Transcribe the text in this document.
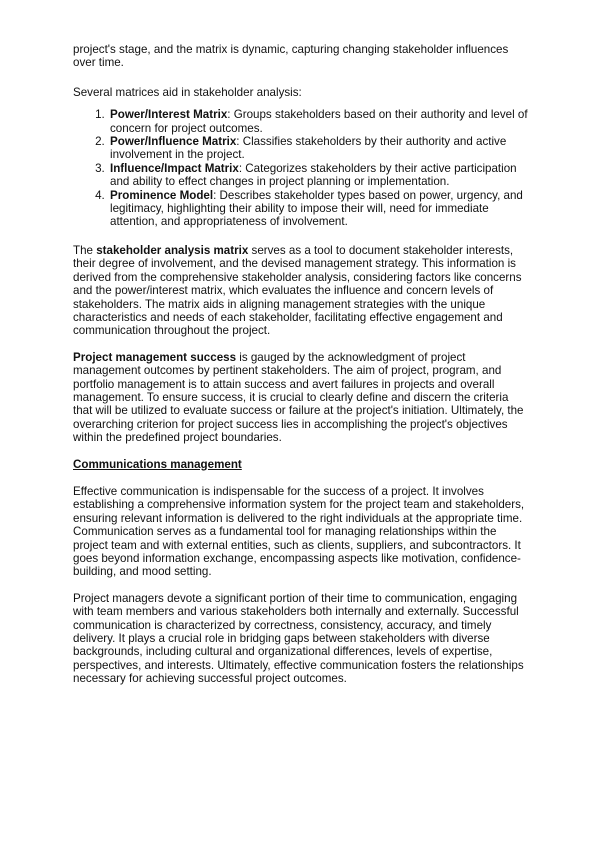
project's stage, and the matrix is dynamic, capturing changing stakeholder influences over time.

Several matrices aid in stakeholder analysis:

1. Power/Interest Matrix: Groups stakeholders based on their authority and level of concern for project outcomes.
2. Power/Influence Matrix: Classifies stakeholders by their authority and active involvement in the project.
3. Influence/Impact Matrix: Categorizes stakeholders by their active participation and ability to effect changes in project planning or implementation.
4. Prominence Model: Describes stakeholder types based on power, urgency, and legitimacy, highlighting their ability to impose their will, need for immediate attention, and appropriateness of involvement.

The stakeholder analysis matrix serves as a tool to document stakeholder interests, their degree of involvement, and the devised management strategy. This information is derived from the comprehensive stakeholder analysis, considering factors like concerns and the power/interest matrix, which evaluates the influence and concern levels of stakeholders. The matrix aids in aligning management strategies with the unique characteristics and needs of each stakeholder, facilitating effective engagement and communication throughout the project.

Project management success is gauged by the acknowledgment of project management outcomes by pertinent stakeholders. The aim of project, program, and portfolio management is to attain success and avert failures in projects and overall management. To ensure success, it is crucial to clearly define and discern the criteria that will be utilized to evaluate success or failure at the project's initiation. Ultimately, the overarching criterion for project success lies in accomplishing the project's objectives within the predefined project boundaries.

Communications management

Effective communication is indispensable for the success of a project. It involves establishing a comprehensive information system for the project team and stakeholders, ensuring relevant information is delivered to the right individuals at the appropriate time. Communication serves as a fundamental tool for managing relationships within the project team and with external entities, such as clients, suppliers, and subcontractors. It goes beyond information exchange, encompassing aspects like motivation, confidence-building, and mood setting.

Project managers devote a significant portion of their time to communication, engaging with team members and various stakeholders both internally and externally. Successful communication is characterized by correctness, consistency, accuracy, and timely delivery. It plays a crucial role in bridging gaps between stakeholders with diverse backgrounds, including cultural and organizational differences, levels of expertise, perspectives, and interests. Ultimately, effective communication fosters the relationships necessary for achieving successful project outcomes.
